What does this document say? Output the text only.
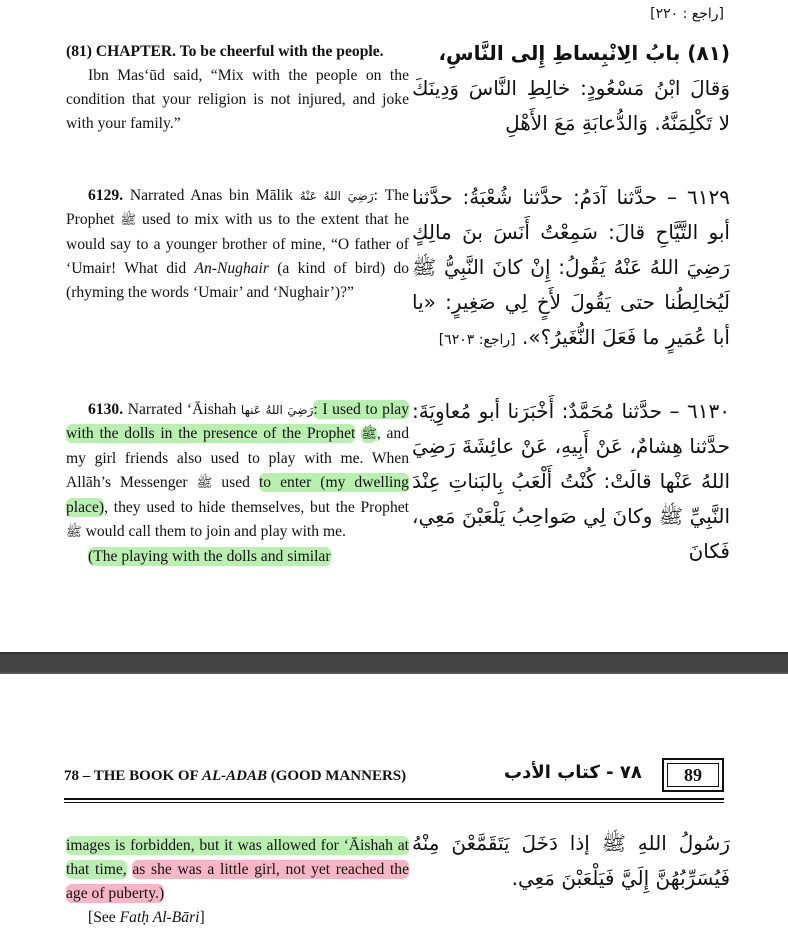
[راجع : ٢٢٠]
(81) CHAPTER. To be cheerful with the people.
Ibn Mas‘ūd said, “Mix with the people on the condition that your religion is not injured, and joke with your family.”
(٨١) بابُ الِانْبِساطِ إِلى النَّاسِ،
وَقالَ ابْنُ مَسْعُودٍ: خالِطِ النَّاسَ وَدِينَكَ لا تَكْلِمَنَّهُ. وَالدُّعابَةِ مَعَ الأَهْلِ
6129. Narrated Anas bin Mālik رَضِيَ اللهُ عَنْهُ: The Prophet ﷺ used to mix with us to the extent that he would say to a younger brother of mine, “O father of ‘Umair! What did An-Nughair (a kind of bird) do (rhyming the words ‘Umair’ and ‘Nughair’)?”
٦١٢٩ – حدَّثنا آدَمُ: حدَّثنا شُعْبَةُ: حدَّثنا أبو التَّيَّاحِ قالَ: سَمِعْتُ أَنَسَ بنَ مالِكٍ رَضِيَ اللهُ عَنْهُ يَقُولُ: إِنْ كانَ النَّبِيُّ ﷺ لَيُخالِطُنا حتى يَقُولَ لأَخٍ لِي صَغِيرٍ: «يا أبا عُمَيرٍ ما فَعَلَ النُّغَيرُ؟». [راجع: ٦٢٠٣]
6130. Narrated ‘Āishah رَضِيَ اللهُ عَنها: I used to play with the dolls in the presence of the Prophet ﷺ, and my girl friends also used to play with me. When Allāh’s Messenger ﷺ used to enter (my dwelling place), they used to hide themselves, but the Prophet ﷺ would call them to join and play with me.
(The playing with the dolls and similar
٦١٣٠ – حدَّثنا مُحَمَّدٌ: أَخْبَرَنا أبو مُعاوِيَةَ: حدَّثنا هِشامٌ، عَنْ أَبِيهِ، عَنْ عائِشَةَ رَضِيَ اللهُ عَنْها قالَتْ: كُنْتُ أَلْعَبُ بِالبَناتِ عِنْدَ النَّبِيِّ ﷺ وكانَ لِي صَواحِبُ يَلْعَبْنَ مَعِي، فَكانَ
78 – THE BOOK OF AL-ADAB (GOOD MANNERS)	٧٨ - كتاب الأدب	89
images is forbidden, but it was allowed for ‘Āishah at that time, as she was a little girl, not yet reached the age of puberty.)
[See Fatḥ Al-Bāri]
رَسُولُ اللهِ ﷺ إذا دَخَلَ يَتَقَمَّعْنَ مِنْهُ فَيُسَرِّبُهُنَّ إِلَيَّ فَيَلْعَبْنَ مَعِي.
